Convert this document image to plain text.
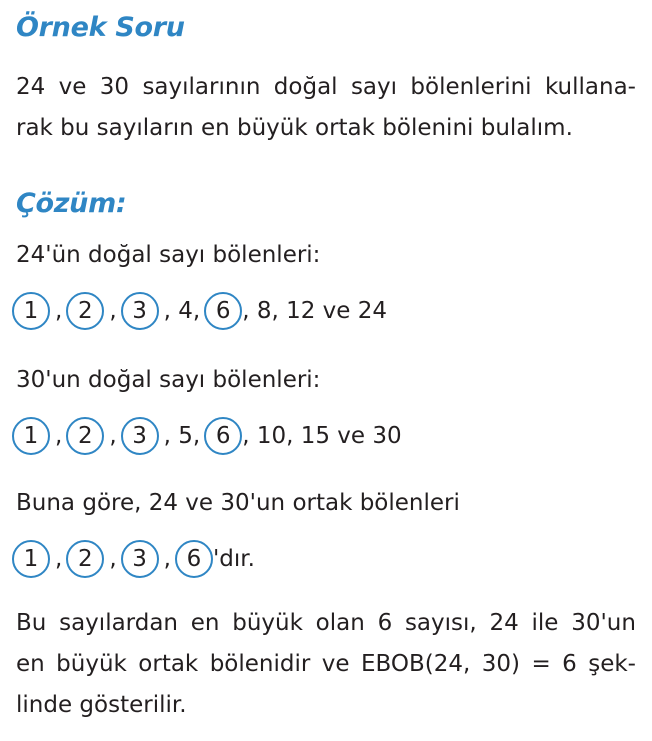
Örnek Soru

24 ve 30 sayılarının doğal sayı bölenlerini kullana-

rak bu sayıların en büyük ortak bölenini bulalım.

Çözüm:

24'ün doğal sayı bölenleri:

1 , 2 , 3 , 4, 6 , 8, 12 ve 24

30'un doğal sayı bölenleri:

1 , 2 , 3 , 5, 6 , 10, 15 ve 30

Buna göre, 24 ve 30'un ortak bölenleri

1 , 2 , 3 , 6 'dır.

Bu sayılardan en büyük olan 6 sayısı, 24 ile 30'un

en büyük ortak bölenidir ve EBOB(24, 30) = 6 şek-

linde gösterilir.
